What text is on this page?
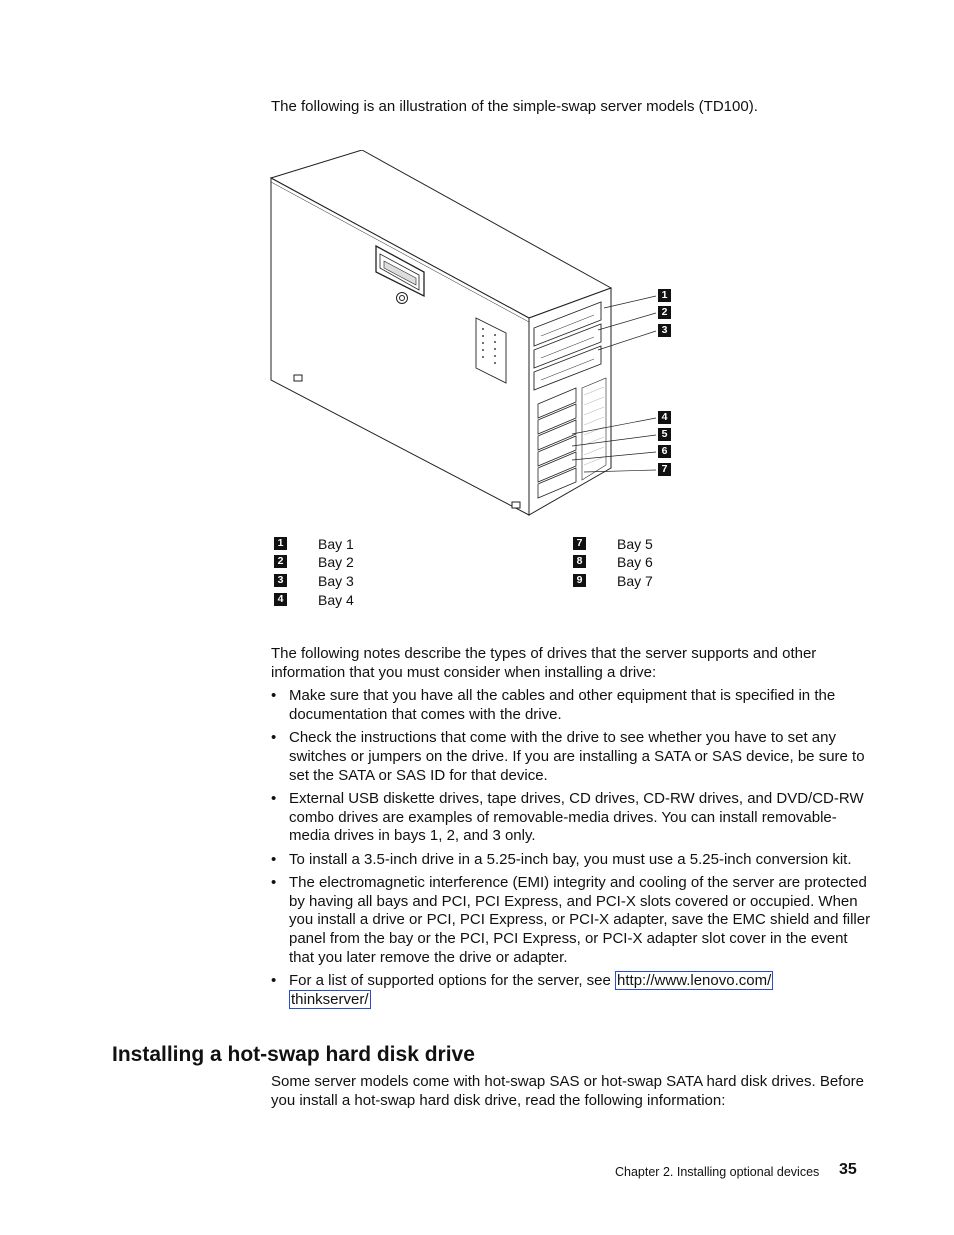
The following is an illustration of the simple-swap server models (TD100).
1
2
3
4
5
6
7
1 Bay 1
2 Bay 2
3 Bay 3
4 Bay 4
7 Bay 5
8 Bay 6
9 Bay 7
The following notes describe the types of drives that the server supports and other information that you must consider when installing a drive:
• Make sure that you have all the cables and other equipment that is specified in the documentation that comes with the drive.
• Check the instructions that come with the drive to see whether you have to set any switches or jumpers on the drive. If you are installing a SATA or SAS device, be sure to set the SATA or SAS ID for that device.
• External USB diskette drives, tape drives, CD drives, CD-RW drives, and DVD/CD-RW combo drives are examples of removable-media drives. You can install removable-media drives in bays 1, 2, and 3 only.
• To install a 3.5-inch drive in a 5.25-inch bay, you must use a 5.25-inch conversion kit.
• The electromagnetic interference (EMI) integrity and cooling of the server are protected by having all bays and PCI, PCI Express, and PCI-X slots covered or occupied. When you install a drive or PCI, PCI Express, or PCI-X adapter, save the EMC shield and filler panel from the bay or the PCI, PCI Express, or PCI-X adapter slot cover in the event that you later remove the drive or adapter.
• For a list of supported options for the server, see http://www.lenovo.com/
thinkserver/
Installing a hot-swap hard disk drive
Some server models come with hot-swap SAS or hot-swap SATA hard disk drives. Before you install a hot-swap hard disk drive, read the following information:
Chapter 2. Installing optional devices 35
